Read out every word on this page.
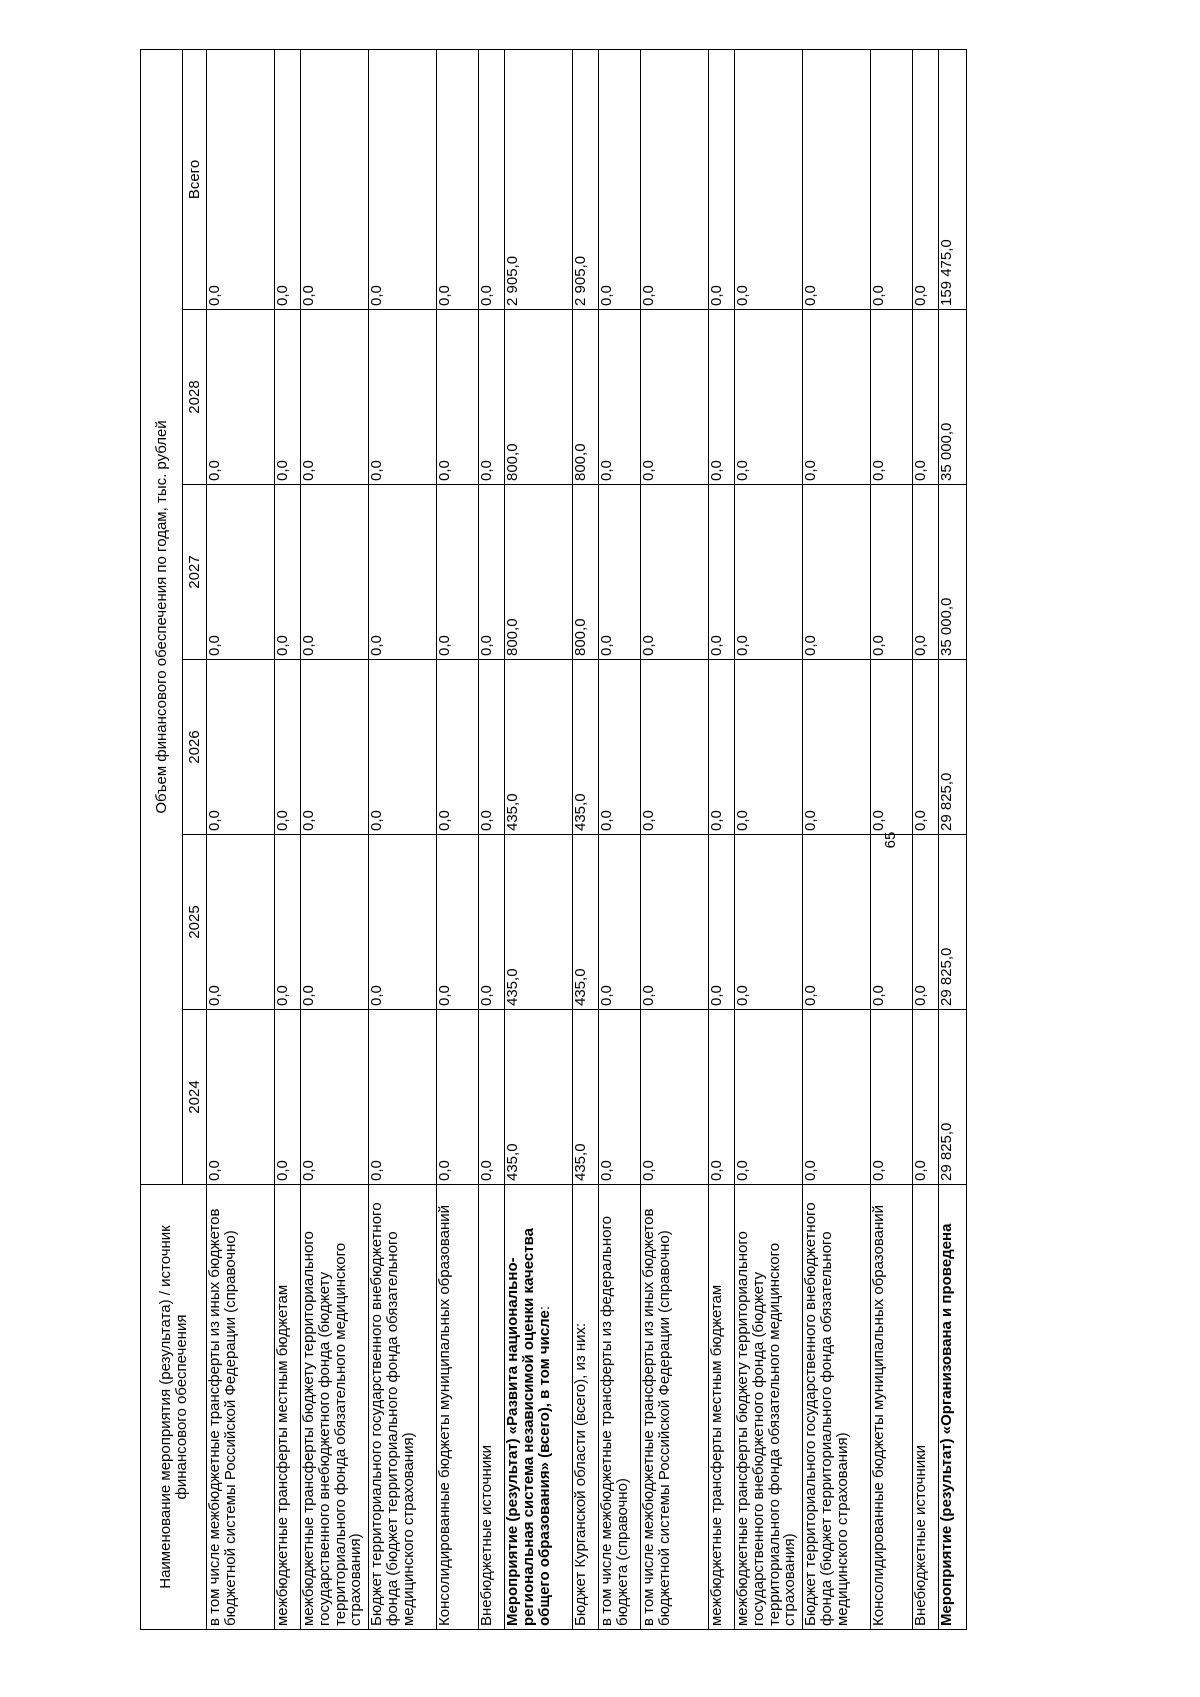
Наименование мероприятия (результата) / источник финансового обеспечения	Объем финансового обеспечения по годам, тыс. рублей					
	2024	2025	2026	2027	2028	Всего
в том числе межбюджетные трансферты из иных бюджетов бюджетной системы Российской Федерации (справочно)	0,0	0,0	0,0	0,0	0,0	0,0
межбюджетные трансферты местным бюджетам	0,0	0,0	0,0	0,0	0,0	0,0
межбюджетные трансферты бюджету территориального государственного внебюджетного фонда (бюджету территориального фонда обязательного медицинского страхования)	0,0	0,0	0,0	0,0	0,0	0,0
Бюджет территориального государственного внебюджетного фонда (бюджет территориального фонда обязательного медицинского страхования)	0,0	0,0	0,0	0,0	0,0	0,0
Консолидированные бюджеты муниципальных образований	0,0	0,0	0,0	0,0	0,0	0,0
Внебюджетные источники	0,0	0,0	0,0	0,0	0,0	0,0
Мероприятие (результат) «Развита национально-региональная система независимой оценки качества общего образования» (всего), в том числе:	435,0	435,0	435,0	800,0	800,0	2 905,0
Бюджет Курганской области (всего), из них:	435,0	435,0	435,0	800,0	800,0	2 905,0
в том числе межбюджетные трансферты из федерального бюджета (справочно)	0,0	0,0	0,0	0,0	0,0	0,0
в том числе межбюджетные трансферты из иных бюджетов бюджетной системы Российской Федерации (справочно)	0,0	0,0	0,0	0,0	0,0	0,0
межбюджетные трансферты местным бюджетам	0,0	0,0	0,0	0,0	0,0	0,0
межбюджетные трансферты бюджету территориального государственного внебюджетного фонда (бюджету территориального фонда обязательного медицинского страхования)	0,0	0,0	0,0	0,0	0,0	0,0
Бюджет территориального государственного внебюджетного фонда (бюджет территориального фонда обязательного медицинского страхования)	0,0	0,0	0,0	0,0	0,0	0,0
Консолидированные бюджеты муниципальных образований	0,0	0,0	0,0	0,0	0,0	0,0
Внебюджетные источники	0,0	0,0	0,0	0,0	0,0	0,0
Мероприятие (результат) «Организована и проведена	29 825,0	29 825,0	29 825,0	35 000,0	35 000,0	159 475,0
65
